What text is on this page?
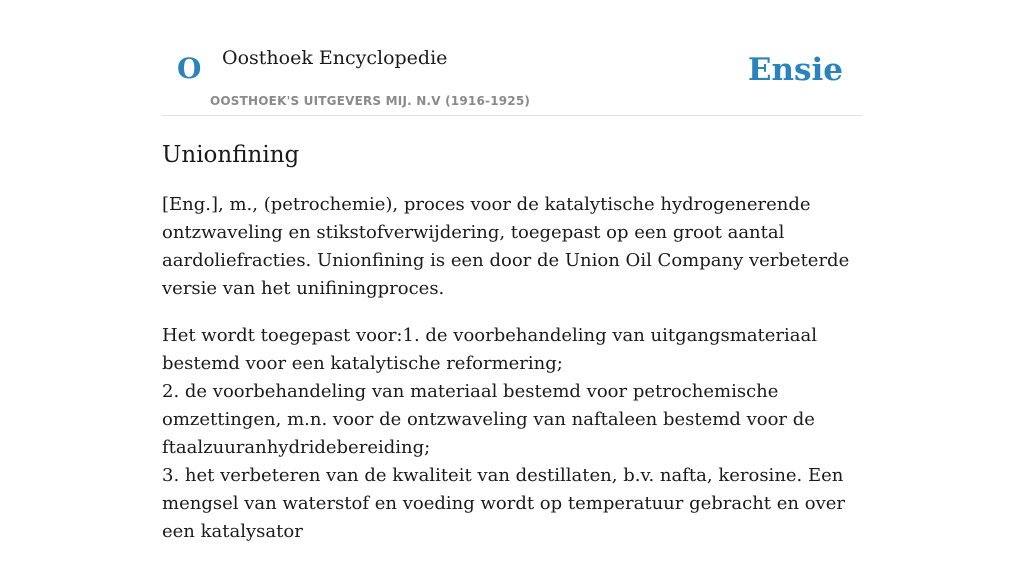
O Oosthoek Encyclopedie
OOSTHOEK'S UITGEVERS MIJ. N.V (1916-1925)
Ensie
Unionfining

[Eng.], m., (petrochemie), proces voor de katalytische hydrogenerende ontzwaveling en stikstofverwijdering, toegepast op een groot aantal aardoliefracties. Unionfining is een door de Union Oil Company verbeterde versie van het unifiningproces.

Het wordt toegepast voor:1. de voorbehandeling van uitgangsmateriaal bestemd voor een katalytische reformering;
2. de voorbehandeling van materiaal bestemd voor petrochemische omzettingen, m.n. voor de ontzwaveling van naftaleen bestemd voor de ftaalzuuranhydridebereiding;
3. het verbeteren van de kwaliteit van destillaten, b.v. nafta, kerosine. Een mengsel van waterstof en voeding wordt op temperatuur gebracht en over een katalysator
